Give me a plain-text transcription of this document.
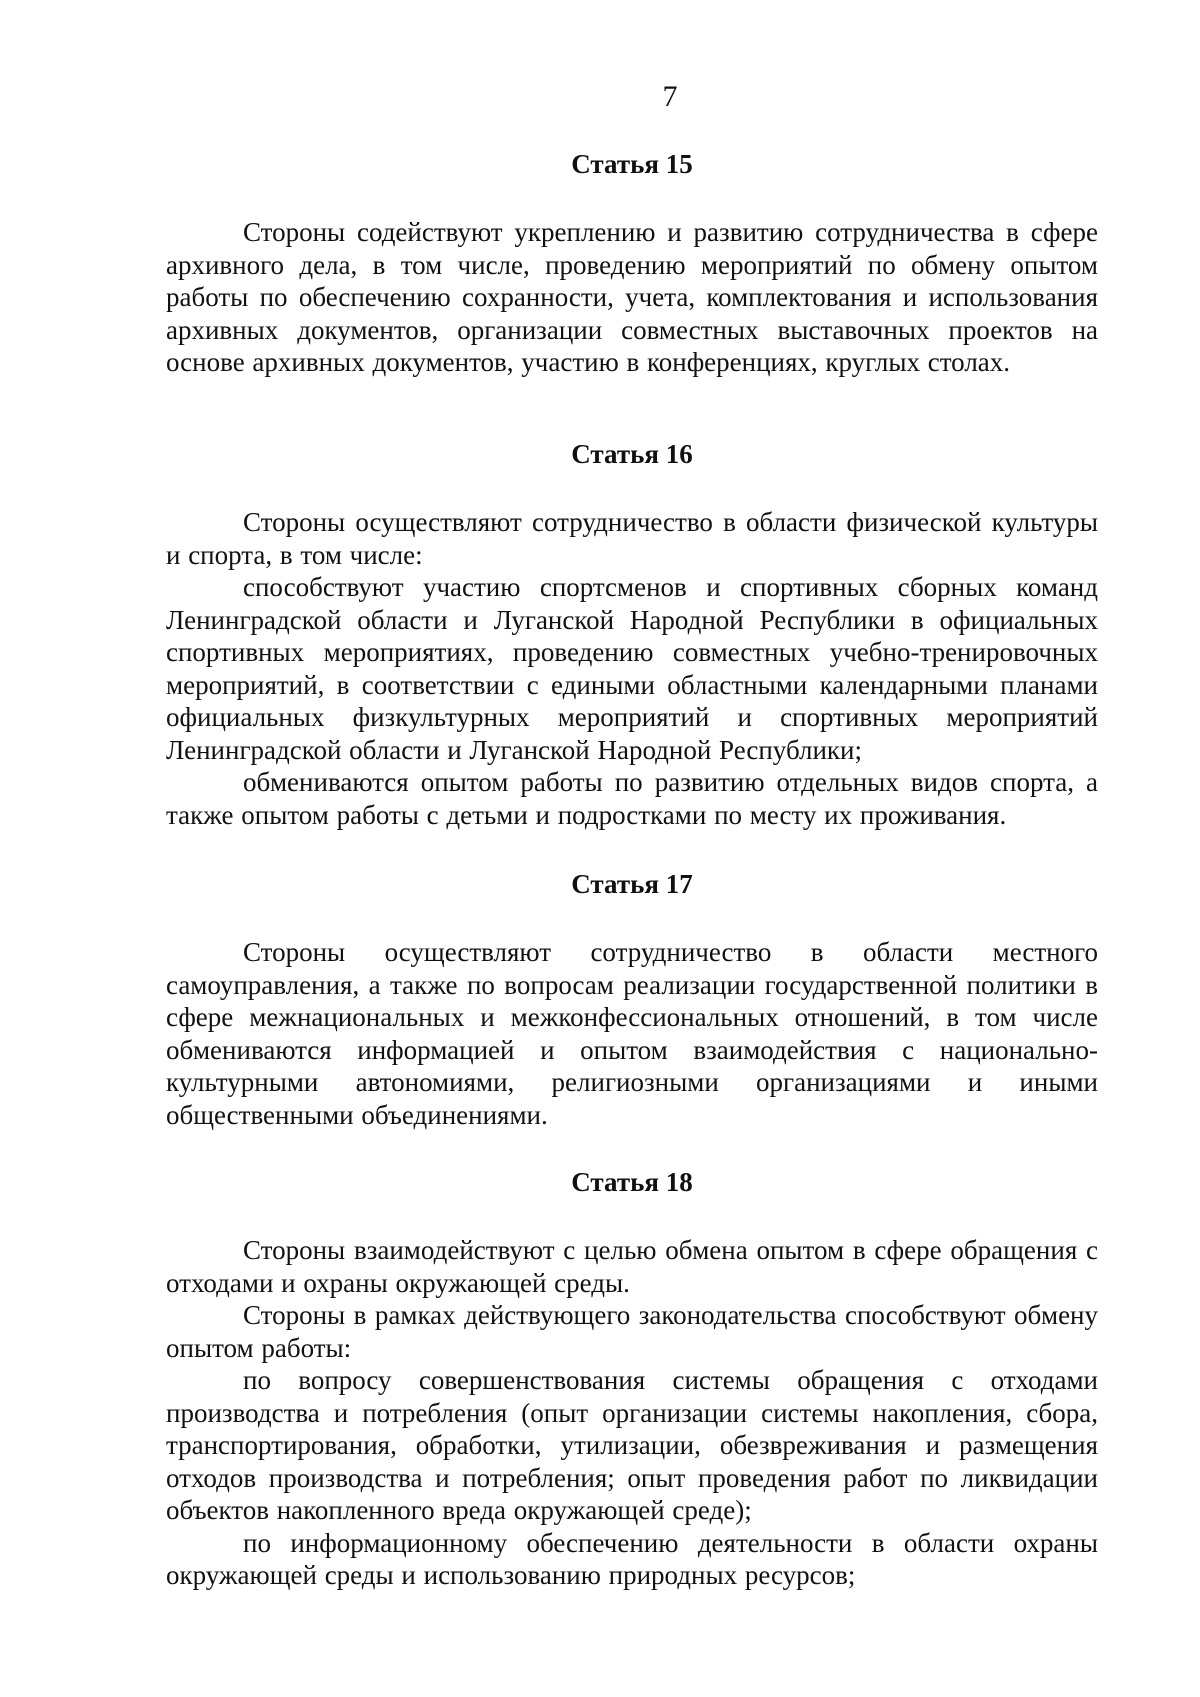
7
Статья 15

Стороны содействуют укреплению и развитию сотрудничества в сфере архивного дела, в том числе, проведению мероприятий по обмену опытом работы по обеспечению сохранности, учета, комплектования и использования архивных документов, организации совместных выставочных проектов на основе архивных документов, участию в конференциях, круглых столах.

Статья 16

Стороны осуществляют сотрудничество в области физической культуры и спорта, в том числе:

способствуют участию спортсменов и спортивных сборных команд Ленинградской области и Луганской Народной Республики в официальных спортивных мероприятиях, проведению совместных учебно-тренировочных мероприятий, в соответствии с едиными областными календарными планами официальных физкультурных мероприятий и спортивных мероприятий Ленинградской области и Луганской Народной Республики;

обмениваются опытом работы по развитию отдельных видов спорта, а также опытом работы с детьми и подростками по месту их проживания.

Статья 17

Стороны осуществляют сотрудничество в области местного самоуправления, а также по вопросам реализации государственной политики в сфере межнациональных и межконфессиональных отношений, в том числе обмениваются информацией и опытом взаимодействия с национально-культурными автономиями, религиозными организациями и иными общественными объединениями.

Статья 18

Стороны взаимодействуют с целью обмена опытом в сфере обращения с отходами и охраны окружающей среды.

Стороны в рамках действующего законодательства способствуют обмену опытом работы:

по вопросу совершенствования системы обращения с отходами производства и потребления (опыт организации системы накопления, сбора, транспортирования, обработки, утилизации, обезвреживания и размещения отходов производства и потребления; опыт проведения работ по ликвидации объектов накопленного вреда окружающей среде);

по информационному обеспечению деятельности в области охраны окружающей среды и использованию природных ресурсов;
